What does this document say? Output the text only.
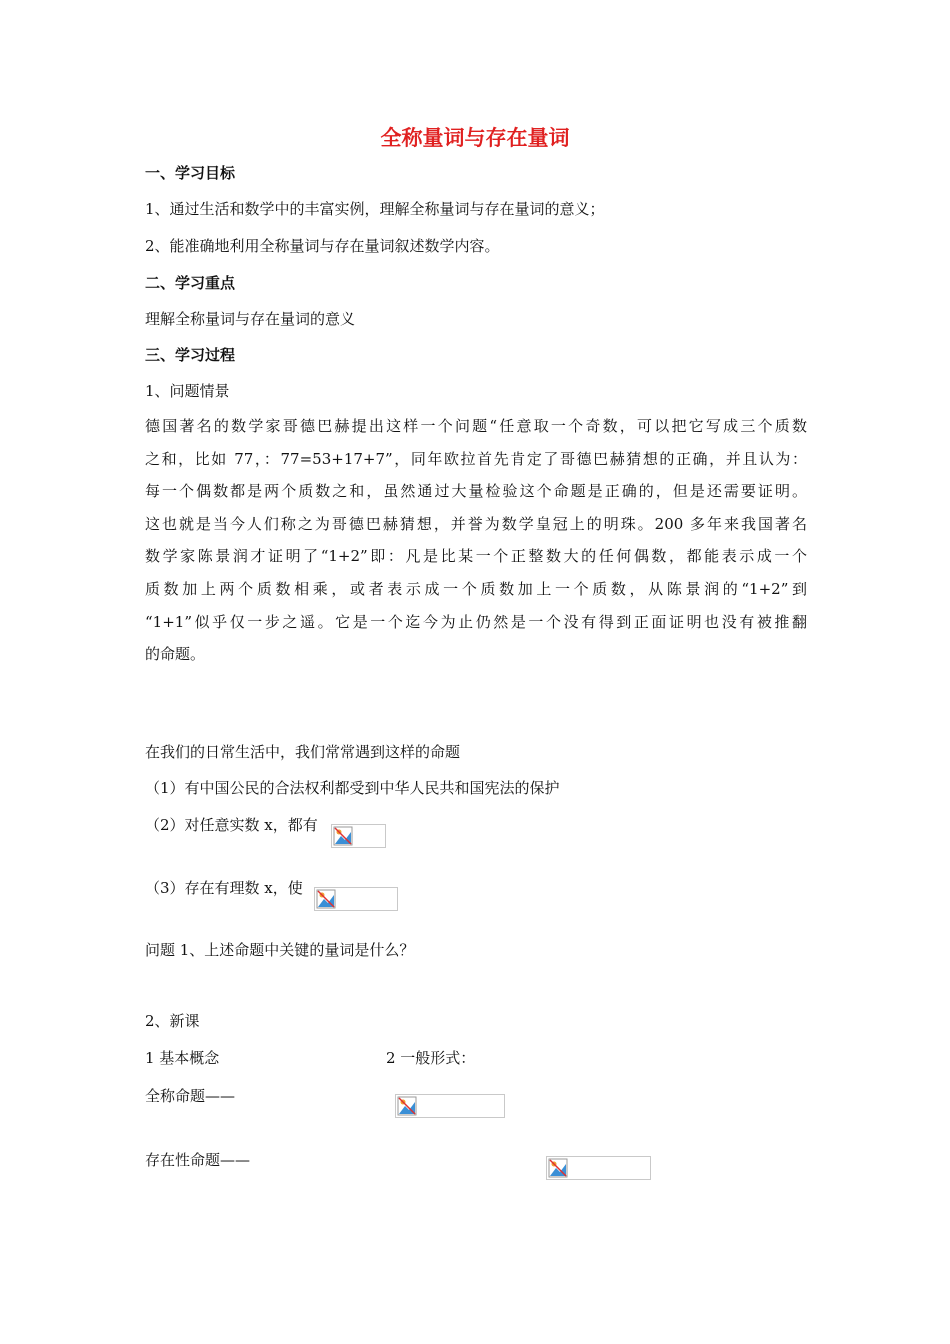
全称量词与存在量词
一、学习目标
1、通过生活和数学中的丰富实例，理解全称量词与存在量词的意义；
2、能准确地利用全称量词与存在量词叙述数学内容。
二、学习重点
理解全称量词与存在量词的意义
三、学习过程
1、问题情景
德国著名的数学家哥德巴赫提出这样一个问题“任意取一个奇数，可以把它写成三个质数
之和，比如 77，：77=53+17+7”，同年欧拉首先肯定了哥德巴赫猜想的正确，并且认为：
每一个偶数都是两个质数之和，虽然通过大量检验这个命题是正确的，但是还需要证明。
这也就是当今人们称之为哥德巴赫猜想，并誉为数学皇冠上的明珠。200 多年来我国著名
数学家陈景润才证明了“1+2”即：凡是比某一个正整数大的任何偶数，都能表示成一个
质数加上两个质数相乘，或者表示成一个质数加上一个质数，从陈景润的“1+2”到
“1+1”似乎仅一步之遥。它是一个迄今为止仍然是一个没有得到正面证明也没有被推翻
的命题。
在我们的日常生活中，我们常常遇到这样的命题
（1）有中国公民的合法权利都受到中华人民共和国宪法的保护
（2）对任意实数 x，都有
（3）存在有理数 x，使
问题 1、上述命题中关键的量词是什么？
2、新课
1 基本概念	2 一般形式：
全称命题——
存在性命题——
